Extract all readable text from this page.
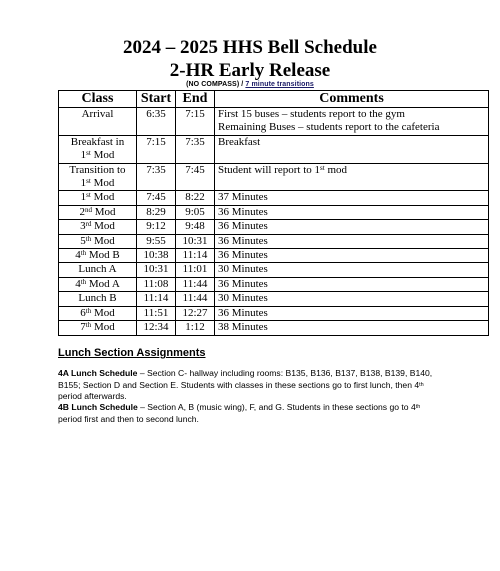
2024 – 2025 HHS Bell Schedule
2-HR Early Release
(NO COMPASS) / 7 minute transitions
Class	Start	End	Comments
Arrival	6:35	7:15	First 15 buses – students report to the gym
Remaining Buses – students report to the cafeteria
Breakfast in
1st Mod	7:15	7:35	Breakfast
Transition to
1st Mod	7:35	7:45	Student will report to 1st mod
1st Mod	7:45	8:22	37 Minutes
2nd Mod	8:29	9:05	36 Minutes
3rd Mod	9:12	9:48	36 Minutes
5th Mod	9:55	10:31	36 Minutes
4th Mod B	10:38	11:14	36 Minutes
Lunch A	10:31	11:01	30 Minutes
4th Mod A	11:08	11:44	36 Minutes
Lunch B	11:14	11:44	30 Minutes
6th Mod	11:51	12:27	36 Minutes
7th Mod	12:34	1:12	38 Minutes
Lunch Section Assignments
4A Lunch Schedule – Section C- hallway including rooms: B135, B136, B137, B138, B139, B140, B155; Section D and Section E. Students with classes in these sections go to first lunch, then 4th period afterwards.
4B Lunch Schedule – Section A, B (music wing), F, and G. Students in these sections go to 4th period first and then to second lunch.
